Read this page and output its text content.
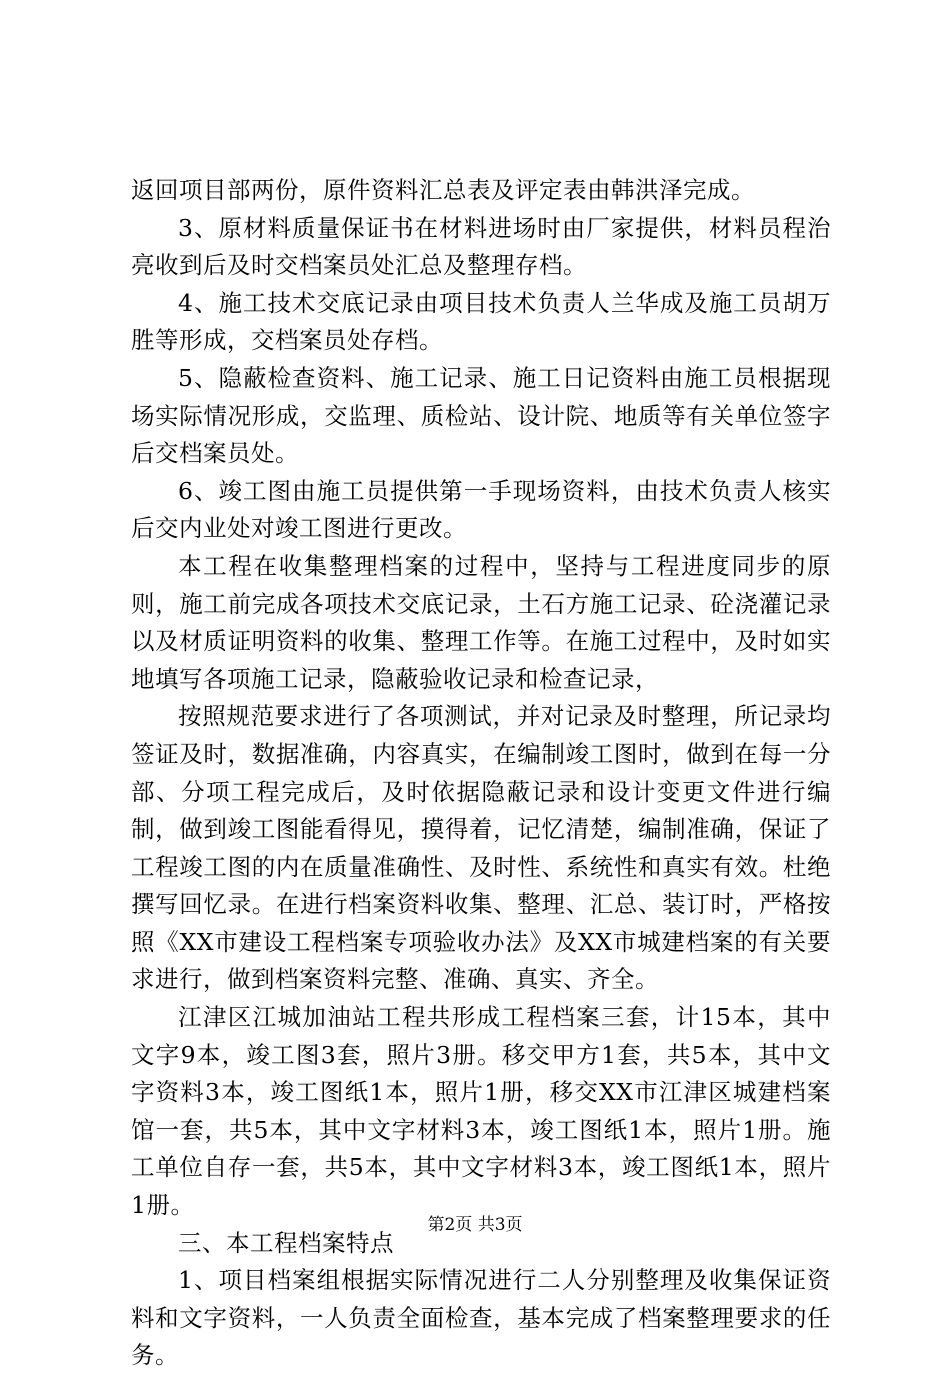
返回项目部两份，原件资料汇总表及评定表由韩洪泽完成。

3、原材料质量保证书在材料进场时由厂家提供，材料员程治亮收到后及时交档案员处汇总及整理存档。

4、施工技术交底记录由项目技术负责人兰华成及施工员胡万胜等形成，交档案员处存档。

5、隐蔽检查资料、施工记录、施工日记资料由施工员根据现场实际情况形成，交监理、质检站、设计院、地质等有关单位签字后交档案员处。

6、竣工图由施工员提供第一手现场资料，由技术负责人核实后交内业处对竣工图进行更改。

本工程在收集整理档案的过程中，坚持与工程进度同步的原则，施工前完成各项技术交底记录，土石方施工记录、砼浇灌记录以及材质证明资料的收集、整理工作等。在施工过程中，及时如实地填写各项施工记录，隐蔽验收记录和检查记录，

按照规范要求进行了各项测试，并对记录及时整理，所记录均签证及时，数据准确，内容真实，在编制竣工图时，做到在每一分部、分项工程完成后，及时依据隐蔽记录和设计变更文件进行编制，做到竣工图能看得见，摸得着，记忆清楚，编制准确，保证了工程竣工图的内在质量准确性、及时性、系统性和真实有效。杜绝撰写回忆录。在进行档案资料收集、整理、汇总、装订时，严格按照《XX市建设工程档案专项验收办法》及XX市城建档案的有关要求进行，做到档案资料完整、准确、真实、齐全。

江津区江城加油站工程共形成工程档案三套，计15本，其中文字9本，竣工图3套，照片3册。移交甲方1套，共5本，其中文字资料3本，竣工图纸1本，照片1册，移交XX市江津区城建档案馆一套，共5本，其中文字材料3本，竣工图纸1本，照片1册。施工单位自存一套，共5本，其中文字材料3本，竣工图纸1本，照片1册。

三、本工程档案特点

1、项目档案组根据实际情况进行二人分别整理及收集保证资料和文字资料，一人负责全面检查，基本完成了档案整理要求的任务。

第2页 共3页
